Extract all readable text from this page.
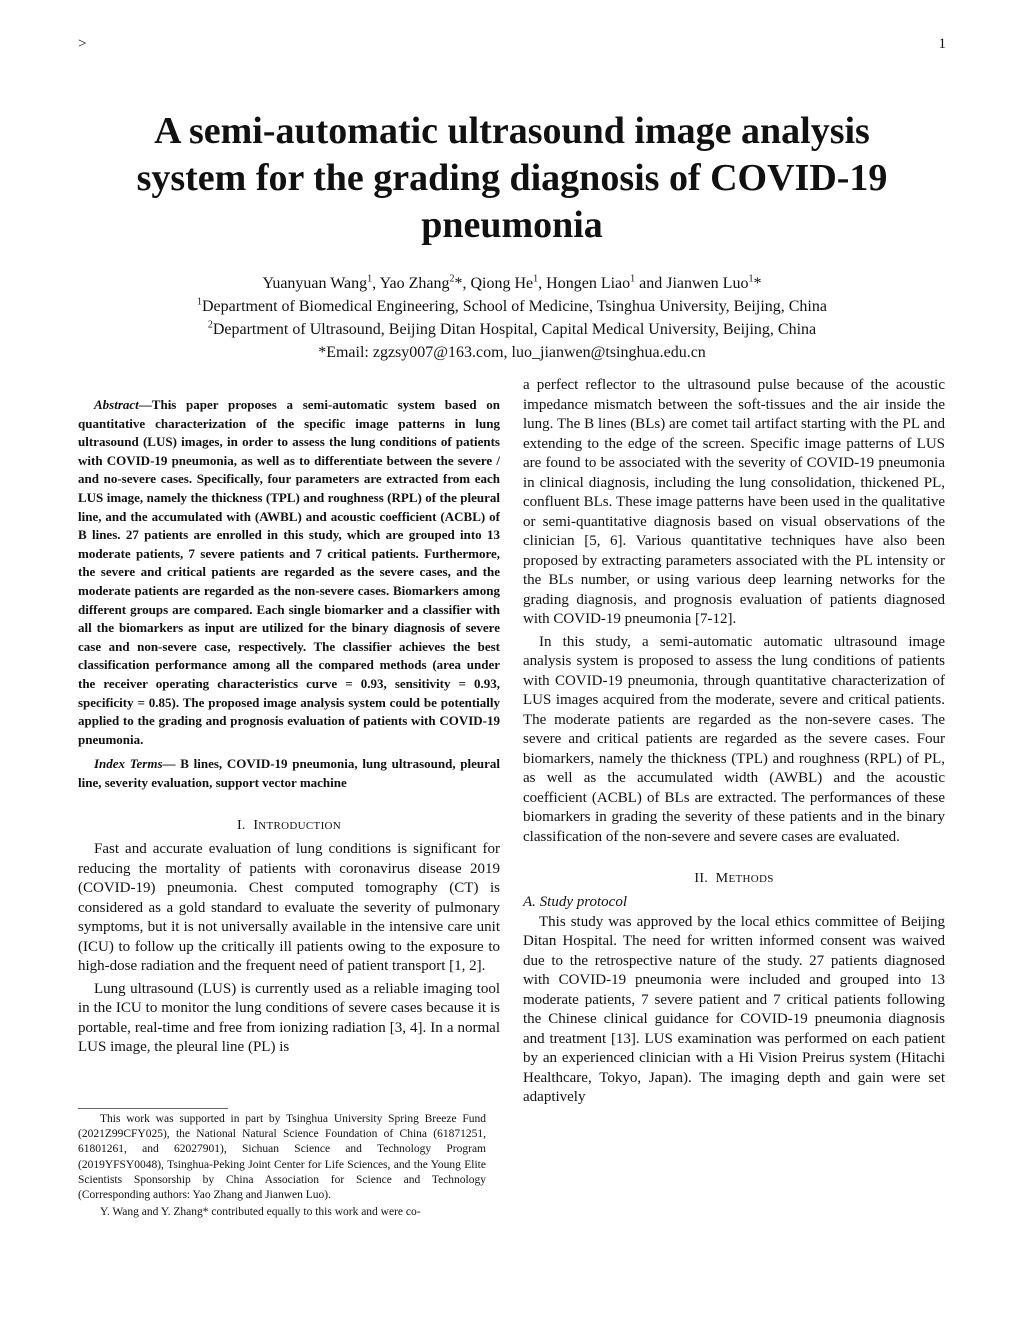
>	1
A semi-automatic ultrasound image analysis system for the grading diagnosis of COVID-19 pneumonia
Yuanyuan Wang$^1$, Yao Zhang$^2$*, Qiong He$^1$, Hongen Liao$^1$ and Jianwen Luo$^1$*
$^1$Department of Biomedical Engineering, School of Medicine, Tsinghua University, Beijing, China
$^2$Department of Ultrasound, Beijing Ditan Hospital, Capital Medical University, Beijing, China
*Email: zgzsy007@163.com, luo_jianwen@tsinghua.edu.cn

Abstract—This paper proposes a semi-automatic system based on quantitative characterization of the specific image patterns in lung ultrasound (LUS) images, in order to assess the lung conditions of patients with COVID-19 pneumonia, as well as to differentiate between the severe / and no-severe cases. Specifically, four parameters are extracted from each LUS image, namely the thickness (TPL) and roughness (RPL) of the pleural line, and the accumulated with (AWBL) and acoustic coefficient (ACBL) of B lines. 27 patients are enrolled in this study, which are grouped into 13 moderate patients, 7 severe patients and 7 critical patients. Furthermore, the severe and critical patients are regarded as the severe cases, and the moderate patients are regarded as the non-severe cases. Biomarkers among different groups are compared. Each single biomarker and a classifier with all the biomarkers as input are utilized for the binary diagnosis of severe case and non-severe case, respectively. The classifier achieves the best classification performance among all the compared methods (area under the receiver operating characteristics curve = 0.93, sensitivity = 0.93, specificity = 0.85). The proposed image analysis system could be potentially applied to the grading and prognosis evaluation of patients with COVID-19 pneumonia.

Index Terms— B lines, COVID-19 pneumonia, lung ultrasound, pleural line, severity evaluation, support vector machine

I.  INTRODUCTION

Fast and accurate evaluation of lung conditions is significant for reducing the mortality of patients with coronavirus disease 2019 (COVID-19) pneumonia. Chest computed tomography (CT) is considered as a gold standard to evaluate the severity of pulmonary symptoms, but it is not universally available in the intensive care unit (ICU) to follow up the critically ill patients owing to the exposure to high-dose radiation and the frequent need of patient transport [1, 2].

Lung ultrasound (LUS) is currently used as a reliable imaging tool in the ICU to monitor the lung conditions of severe cases because it is portable, real-time and free from ionizing radiation [3, 4]. In a normal LUS image, the pleural line (PL) is

a perfect reflector to the ultrasound pulse because of the acoustic impedance mismatch between the soft-tissues and the air inside the lung. The B lines (BLs) are comet tail artifact starting with the PL and extending to the edge of the screen. Specific image patterns of LUS are found to be associated with the severity of COVID-19 pneumonia in clinical diagnosis, including the lung consolidation, thickened PL, confluent BLs. These image patterns have been used in the qualitative or semi-quantitative diagnosis based on visual observations of the clinician [5, 6]. Various quantitative techniques have also been proposed by extracting parameters associated with the PL intensity or the BLs number, or using various deep learning networks for the grading diagnosis, and prognosis evaluation of patients diagnosed with COVID-19 pneumonia [7-12].

In this study, a semi-automatic automatic ultrasound image analysis system is proposed to assess the lung conditions of patients with COVID-19 pneumonia, through quantitative characterization of LUS images acquired from the moderate, severe and critical patients. The moderate patients are regarded as the non-severe cases. The severe and critical patients are regarded as the severe cases. Four biomarkers, namely the thickness (TPL) and roughness (RPL) of PL, as well as the accumulated width (AWBL) and the acoustic coefficient (ACBL) of BLs are extracted. The performances of these biomarkers in grading the severity of these patients and in the binary classification of the non-severe and severe cases are evaluated.

II.  METHODS

A. Study protocol

This study was approved by the local ethics committee of Beijing Ditan Hospital. The need for written informed consent was waived due to the retrospective nature of the study. 27 patients diagnosed with COVID-19 pneumonia were included and grouped into 13 moderate patients, 7 severe patient and 7 critical patients following the Chinese clinical guidance for COVID-19 pneumonia diagnosis and treatment [13]. LUS examination was performed on each patient by an experienced clinician with a Hi Vision Preirus system (Hitachi Healthcare, Tokyo, Japan). The imaging depth and gain were set adaptively

This work was supported in part by Tsinghua University Spring Breeze Fund (2021Z99CFY025), the National Natural Science Foundation of China (61871251, 61801261, and 62027901), Sichuan Science and Technology Program (2019YFSY0048), Tsinghua-Peking Joint Center for Life Sciences, and the Young Elite Scientists Sponsorship by China Association for Science and Technology (Corresponding authors: Yao Zhang and Jianwen Luo).

Y. Wang and Y. Zhang* contributed equally to this work and were co-
